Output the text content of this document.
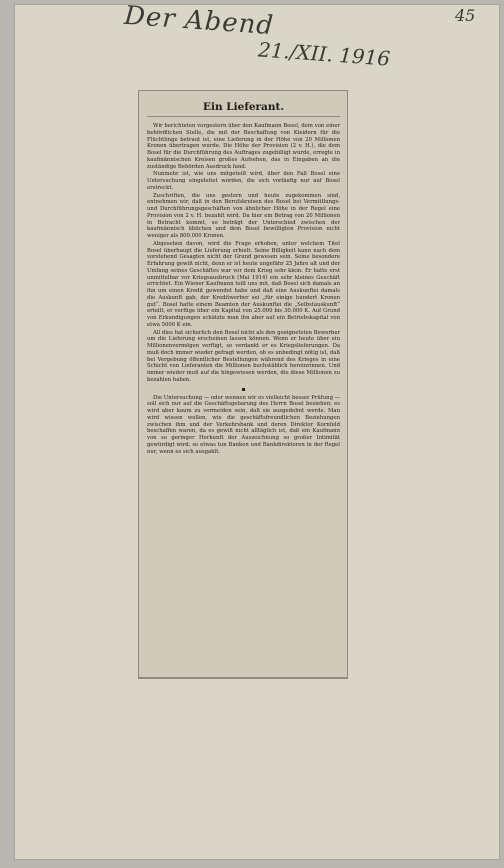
Der Abend
21./XII. 1916
45
Ein Lieferant.

Wir berichteten vorgestern über den Kaufmann Bosel, dem von einer behördlichen Stelle, die mit der Beschaffung von Kleidern für die Flüchtlinge betraut ist, eine Lieferung in der Höhe von 20 Millionen Kronen übertragen wurde. Die Höhe der Provision (2 v. H.), die dem Bosel für die Durchführung des Auftrages zugebilligt wurde, erregte in kaufmännischen Kreisen großes Aufsehen, das in Eingaben an die zuständige Behörden Ausdruck fand.

Nunmehr ist, wie uns mitgeteilt wird, über den Fall Bosel eine Untersuchung eingeleitet worden, die sich vorläufig nur auf Bosel erstreckt.

Zuschriften, die uns gestern und heute zugekommen sind, entnehmen wir, daß in den Berufskreisen des Bosel bei Vermittlungs- und Durchführungsgeschäften von ähnlicher Höhe in der Regel eine Provision von 2 v. H. bezahlt wird. Da hier ein Betrag von 20 Millionen in Betracht kommt, so beträgt der Unterschied zwischen der kaufmännisch üblichen und dem Bosel bewilligten Provision nicht weniger als 800.000 Kronen.

Abgesehen davon, wird die Frage erhoben, unter welchem Titel Bosel überhaupt die Lieferung erhielt. Seine Billigkeit kann nach dem vorstehend Gesagten nicht der Grund gewesen sein. Seine besondere Erfahrung gewiß nicht, denn er ist heute ungefähr 25 Jahre alt und der Umfang seines Geschäftes war vor dem Krieg sehr klein. Er hatte erst unmittelbar vor Kriegsausbruch (Mai 1914) ein sehr kleines Geschäft errichtet. Ein Wiener Kaufmann teilt uns mit, daß Bosel sich damals an ihn um einen Kredit gewendet habe und daß eine Auskunftei damals die Auskunft gab, der Kreditwerber sei „für einige hundert Kronen gut“. Bosel hatte einem Beamten der Auskunftei die „Selbstauskunft“ erteilt, er verfüge über ein Kapital von 25.000 bis 30.000 K. Auf Grund von Erkundigungen schätzte man ihn aber auf ein Betriebskapital von etwa 5000 K ein.

All dies hat sicherlich den Bosel nicht als den geeignetsten Bewerber um die Lieferung erscheinen lassen können. Wenn er heute über ein Millionenvermögen verfügt, so verdankt er es Kriegslieferungen. Da muß doch immer wieder gefragt werden, ob es unbedingt nötig ist, daß bei Vergebung öffentlicher Bestellungen während des Krieges in eine Schicht von Lieferanten die Millionen buchstäblich hereinrinnen. Und immer wieder muß auf die hingewiesen werden, die diese Millionen zu bezahlen haben.

▪

Die Untersuchung — oder wennen wir es vielleicht besser Prüfung — soll sich nur auf die Geschäftsgebarung des Herrn Bosel beziehen; es wird aber kaum zu vermeiden sein, daß sie ausgedehnt werde. Man wird wissen wollen, wie die geschäftsfreundlichen Beziehungen zwischen ihm und der Verkehrsbank und deren Direktor Kornfeld beschaffen waren, da es gewiß nicht alltäglich ist, daß ein Kaufmann von so geringer Herkunft der Auszeichnung so großer Intimität gewürdigt wird; so etwas tun Banken und Bankdirektoren in der Regel nur, wenn es sich ausgahlt.
